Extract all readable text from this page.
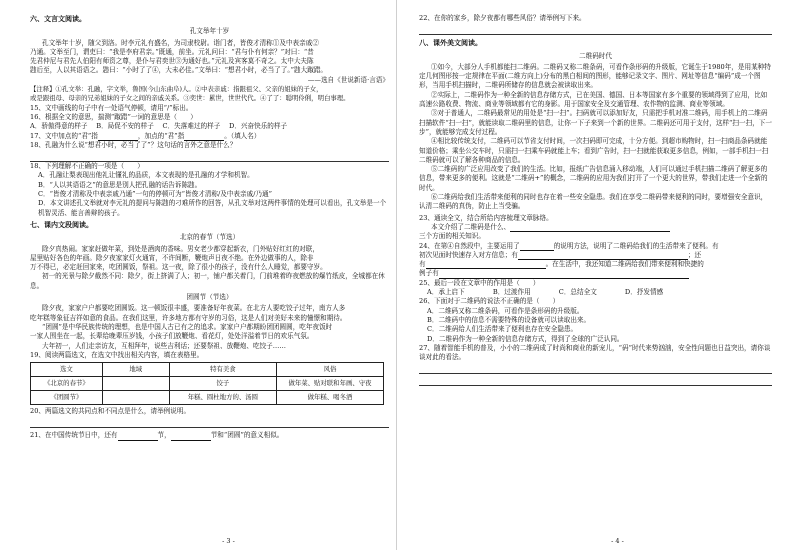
六、文言文阅读。
孔文举年十岁

孔文举年十岁，随父到洛。时李元礼有盛名，为司隶校尉。诣门者，皆俊才清称①及中表亲戚②

乃通。文举至门，谓吏曰：“我是李府君亲。”既通，前坐。元礼问曰：“君与仆有何亲？”对曰：“昔

先君仲尼与君先人伯阳有师资之尊，是仆与君奕世③为通好也。”元礼及宾客莫不奇之。太中大夫陈

韪后至，人以其语语之。韪曰：“小时了了④，大未必佳。”文举曰：“想君小时，必当了了。”韪大踧踖。

——选自《世说新语·言语》

【注释】①孔文举：孔融，字文举，鲁国(今山东曲阜)人。②中表亲戚：指跟祖父、父亲的姐妹的子女，

或是跟祖母、母亲的兄弟姐妹的子女之间的亲戚关系。③奕世：累世，世世代代。④了了：聪明伶俐，明白事理。

15、文中画线的句子中有一处语气停顿，请用“/”标出。

16、根据全文的意思，揣测“踧踖”一词的意思是（　　）

A．骄傲得意的样子　 B．局促不安的样子　 C．失落难过的样子　 D．兴奋快乐的样子

17、文中加点的“君”指	，加点的“君”指	。（填人名）

18、孔融为什么说“想君小时，必当了了”？这句话的言外之意是什么？

18、下列理解不正确的一项是（　　）

A．孔融让梨表现出他礼让懂礼的品质，本文表现的是孔融的才学和机智。

B．“人以其语语之”的意思是别人把孔融的话告诉陈韪。

C．“皆俊才清称及中表亲戚乃通”一句的停顿可为“皆俊才清称/及中表亲戚/乃通”

D．本文讲述孔文举就对李元礼的提问与陈韪的刁难所作的回答，从孔文举对这两件事情的处理可以看出，孔文举是一个机智灵活、能言善辩的孩子。

七、课内文段阅读。
北京的春节（节选）

除夕真热闹。家家赶做年菜，到处是酒肉的香味。男女老少都穿起新衣，门外贴好红红的对联，

屋里贴好各色的年画。除夕夜家家灯火通宵，不许间断，鞭炮声日夜不绝。在外边做事的人，除非

万不得已，必定赶回家来，吃团圆饭，祭祖。这一夜，除了很小的孩子，没有什么人睡觉，都要守岁。

初一的光景与除夕截然不同：除夕，街上挤满了人；初一，铺户都关着门，门前堆着昨夜燃放的爆竹纸皮，全城都在休息。

团圆节（节选）

除夕夜，家家户户都要吃团圆饭。这一顿饭很丰盛，要准备好年夜菜。在北方人要吃饺子过年，南方人多

吃年糕等象征吉祥如意的食品。在我们这里，许多地方都有守岁的习俗，这是人们对美好未来的憧憬和期待。

“团圆”是中华民族传统的理想，也是中国人古已有之的追求。家家户户都期盼团团圆圆，吃年夜饭时

一家人围坐在一起，长辈给晚辈压岁钱，小孩子们放鞭炮、看花灯，处处洋溢着节日的欢乐气氛。

大年初一，人们走亲访友，互相拜年，说些吉利话；还要祭祖、放鞭炮、吃饺子……

19、阅读两篇选文，在选文中找出相关内容，填在表格里。

选文	地域	特有美食	风俗
《北京的春节》		饺子	做年菜、贴对联和年画、守夜
《团圆节》		年糕、圆杜地方的、汤圆	做年糕、喝冬酒

20、两篇选文的共同点和不同点是什么，请举例说明。

21、在中国传统节日中，还有	节，	节和“团圆”的意义相似。

- 3 -

22、在你的家乡，除夕夜都有哪些风俗？请举例写下来。

八、课外美文阅读。
二维码时代

①如今，大部分人手机都能扫二维码。二维码又称二维条码，可看作条形码的升级版，它诞生于1980年，是用某种特定几何图形按一定规律在平面(二维方向上)分布的黑白相间的图形，能够记录文字、图片、网址等信息“编码”成一个图形，当用手机扫描时，二维码所储存的信息就会被读取出来。

②实际上，二维码作为一种全新的信息存储方式，已在美国、德国、日本等国家有多个重要的领域得到了应用，比如高速公路收费、物流、商业等领域都有它的身影。用于国家安全及交通管理、农作物的监测、商业等领域。

③对于普通人，二维码最常见的用处是“扫一扫”。扫码就可以添加好友，只需把手机对准二维码，用手机上的二维码扫描软件“扫一扫”，就能读取二维码里的信息，让你一下子来到一个新的世界。二维码还可用于支付，这样“扫一扫，下一步”，就能够完成支付过程。

④相比较传统支付，二维码可以节省支付时间，一次扫码即可完成，十分方便。到超市购物时，扫一扫商品条码就能知道价格；乘坐公交车时，只需扫一扫乘车码就能上车；看到广告时，扫一扫就能获取更多信息，例如，一部手机扫一扫二维码就可以了解各种商品的信息。

⑤二维码的广泛应用改变了我们的生活。比如，报纸广告信息涌入移动端，人们可以通过手机扫描二维码了解更多的信息，带来更多的便利。这就是“二维码+”的概念，二维码的应用为我们打开了一个更大的世界，带我们走进一个全新的时代。

⑥二维码给我们生活带来便利的同时也存在着一些安全隐患。我们在享受二维码带来便利的同时，要增强安全意识，认清二维码的真伪，防止上当受骗。

23、通读全文，结合所给内容梳理文章脉络。

本文介绍了二维码是什么、

三个方面的相关知识。

24、在第④自然段中，主要运用了	的说明方法，说明了二维码给我们的生活带来了便利。有

初次见面时快速存入对方信息；有	；还

有	。在生活中，我还知道二维码给我们带来便利和快捷的

例子有

25、最后一段在文章中的作用是（　　）

A．承上启下	B．过渡作用	C．总结全文	D．抒发情感

26、下面对于二维码的说法不正确的是（　　）

A．二维码又称二维条码，可看作是条形码的升级版。

B．二维码中的信息不需要特殊的设备就可以读取出来。

C．二维码给人们生活带来了便利也存在安全隐患。

D．二维码作为一种全新的信息存储方式，得到了全球的广泛认同。

27、随着智能手机的普及，小小的二维码成了时尚和商业的新宠儿，“码”时代来势汹汹，安全性问题也日益突出，请你谈谈对此的看法。

- 4 -
